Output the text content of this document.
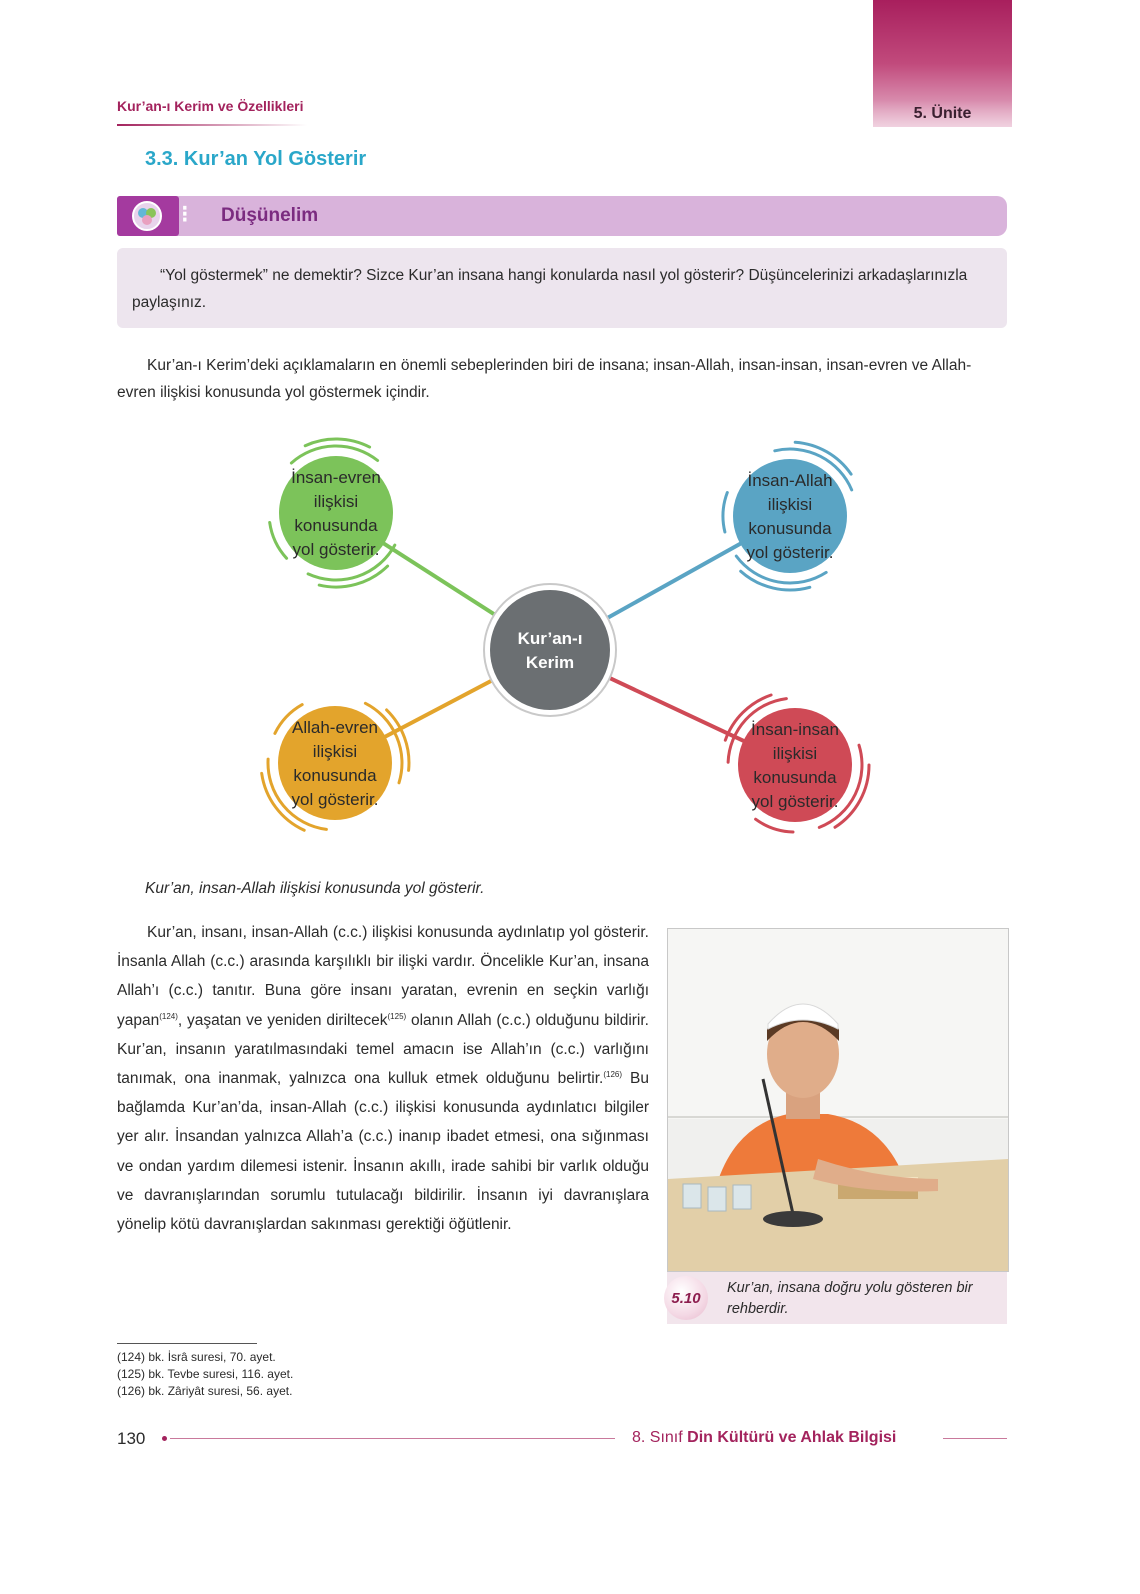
5. Ünite
Kur’an-ı Kerim ve Özellikleri
3.3. Kur’an Yol Gösterir
⁝ Düşünelim
“Yol göstermek” ne demektir? Sizce Kur’an insana hangi konularda nasıl yol gösterir? Düşüncelerinizi arkadaşlarınızla paylaşınız.
Kur’an-ı Kerim’deki açıklamaların en önemli sebeplerinden biri de insana; insan-Allah, insan-insan, insan-evren ve Allah-evren ilişkisi konusunda yol göstermek içindir.
İnsan-evren
ilişkisi
konusunda
yol gösterir.
İnsan-Allah
ilişkisi
konusunda
yol gösterir.
Allah-evren
ilişkisi
konusunda
yol gösterir.
İnsan-insan
ilişkisi
konusunda
yol gösterir.
Kur’an-ı
Kerim
Kur’an, insan-Allah ilişkisi konusunda yol gösterir.
Kur’an, insanı, insan-Allah (c.c.) ilişkisi konusunda aydınlatıp yol gösterir. İnsanla Allah (c.c.) arasında karşılıklı bir ilişki vardır. Öncelikle Kur’an, insana Allah’ı (c.c.) tanıtır. Buna göre insanı yaratan, evrenin en seçkin varlığı yapan$^{(124)}$, yaşatan ve yeniden diriltecek$^{(125)}$ olanın Allah (c.c.) olduğunu bildirir. Kur’an, insanın yaratılmasındaki temel amacın ise Allah’ın (c.c.) varlığını tanımak, ona inanmak, yalnızca ona kulluk etmek olduğunu belirtir.$^{(126)}$ Bu bağlamda Kur’an’da, insan-Allah (c.c.) ilişkisi konusunda aydınlatıcı bilgiler yer alır. İnsandan yalnızca Allah’a (c.c.) inanıp ibadet etmesi, ona sığınması ve ondan yardım dilemesi istenir. İnsanın akıllı, irade sahibi bir varlık olduğu ve davranışlarından sorumlu tutulacağı bildirilir. İnsanın iyi davranışlara yönelip kötü davranışlardan sakınması gerektiği öğütlenir.
5.10
Kur’an, insana doğru yolu gösteren bir rehberdir.
(124) bk. İsrâ suresi, 70. ayet.
(125) bk. Tevbe suresi, 116. ayet.
(126) bk. Zâriyât suresi, 56. ayet.
130	8. Sınıf Din Kültürü ve Ahlak Bilgisi
